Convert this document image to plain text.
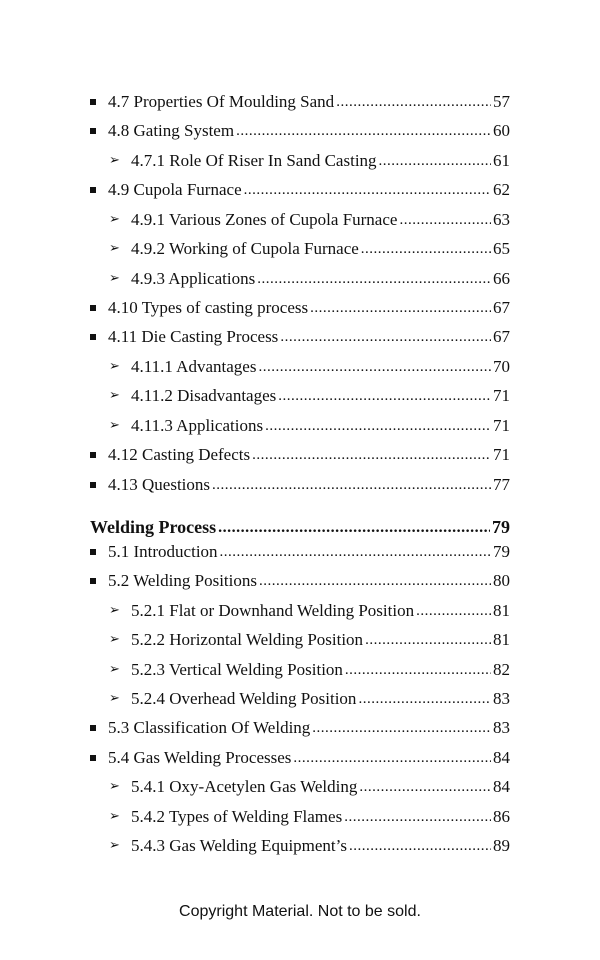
4.7 Properties Of Moulding Sand .....	57
4.8 Gating System .....	60
➢ 4.7.1 Role Of Riser In Sand Casting .....	61
4.9 Cupola Furnace .....	62
➢ 4.9.1 Various Zones of Cupola Furnace .....	63
➢ 4.9.2 Working of Cupola Furnace .....	65
➢ 4.9.3 Applications .....	66
4.10 Types of casting process .....	67
4.11 Die Casting Process .....	67
➢ 4.11.1 Advantages .....	70
➢ 4.11.2 Disadvantages .....	71
➢ 4.11.3 Applications .....	71
4.12 Casting Defects .....	71
4.13 Questions .....	77
Welding Process .....	79
5.1 Introduction .....	79
5.2 Welding Positions .....	80
➢ 5.2.1 Flat or Downhand Welding Position .....	81
➢ 5.2.2 Horizontal Welding Position .....	81
➢ 5.2.3 Vertical Welding Position .....	82
➢ 5.2.4 Overhead Welding Position .....	83
5.3 Classification Of Welding .....	83
5.4 Gas Welding Processes .....	84
➢ 5.4.1 Oxy-Acetylen Gas Welding .....	84
➢ 5.4.2 Types of Welding Flames .....	86
➢ 5.4.3 Gas Welding Equipment’s .....	89
Copyright Material. Not to be sold.
